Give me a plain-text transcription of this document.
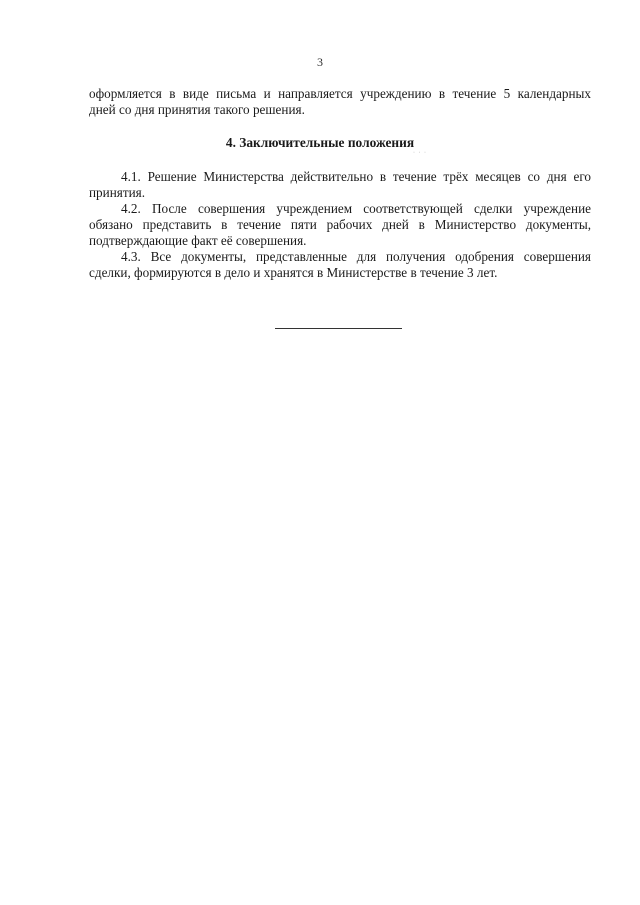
3
оформляется в виде письма и направляется учреждению в течение 5 календарных
дней со дня принятия такого решения.
4. Заключительные положения
· · ·
4.1. Решение Министерства действительно в течение трёх месяцев со дня его
принятия.
4.2. После совершения учреждением соответствующей сделки учреждение
обязано представить в течение пяти рабочих дней в Министерство документы,
подтверждающие факт её совершения.
4.3. Все документы, представленные для получения одобрения совершения
сделки, формируются в дело и хранятся в Министерстве в течение 3 лет.
